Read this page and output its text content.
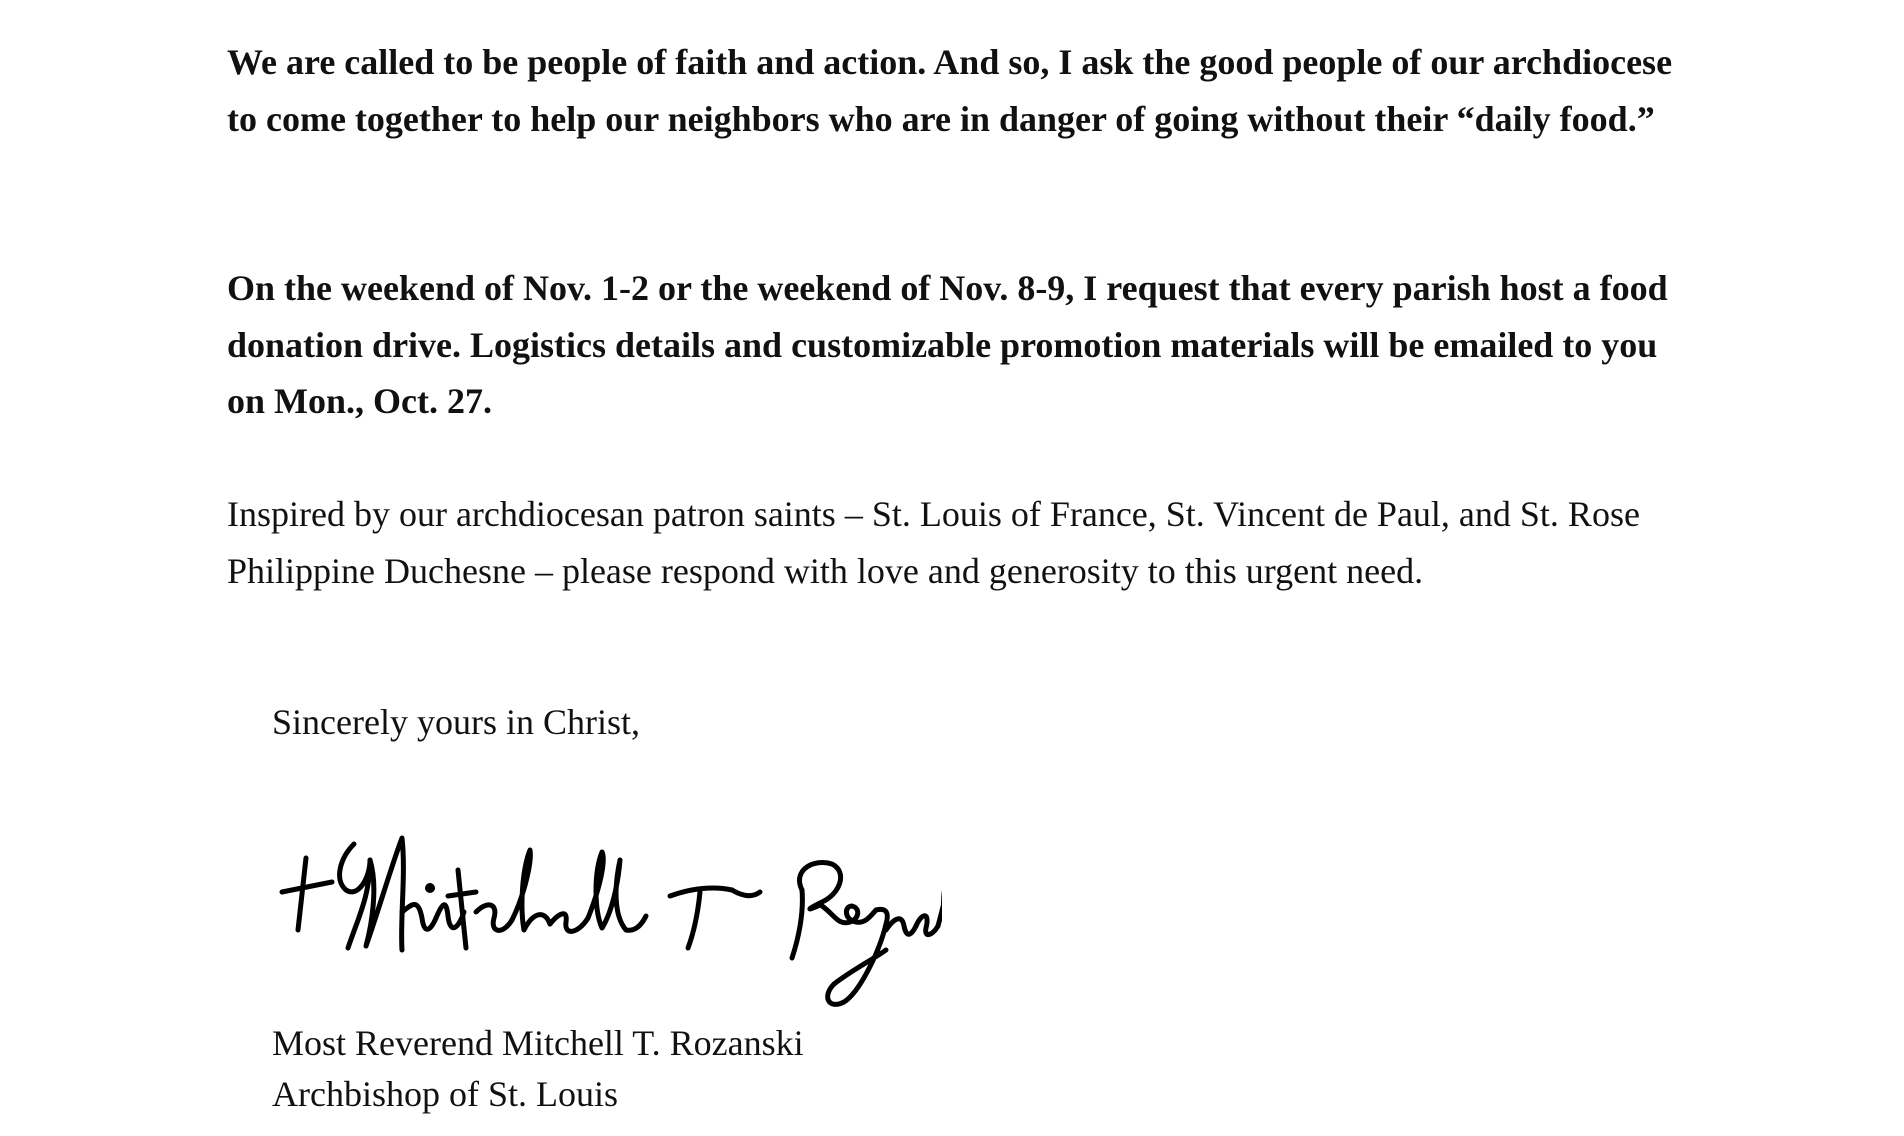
We are called to be people of faith and action. And so, I ask the good people of our archdiocese to come together to help our neighbors who are in danger of going without their “daily food.”

On the weekend of Nov. 1-2 or the weekend of Nov. 8-9, I request that every parish host a food donation drive. Logistics details and customizable promotion materials will be emailed to you on Mon., Oct. 27.

Inspired by our archdiocesan patron saints – St. Louis of France, St. Vincent de Paul, and St. Rose Philippine Duchesne – please respond with love and generosity to this urgent need.

Sincerely yours in Christ,

Most Reverend Mitchell T. Rozanski
Archbishop of St. Louis
